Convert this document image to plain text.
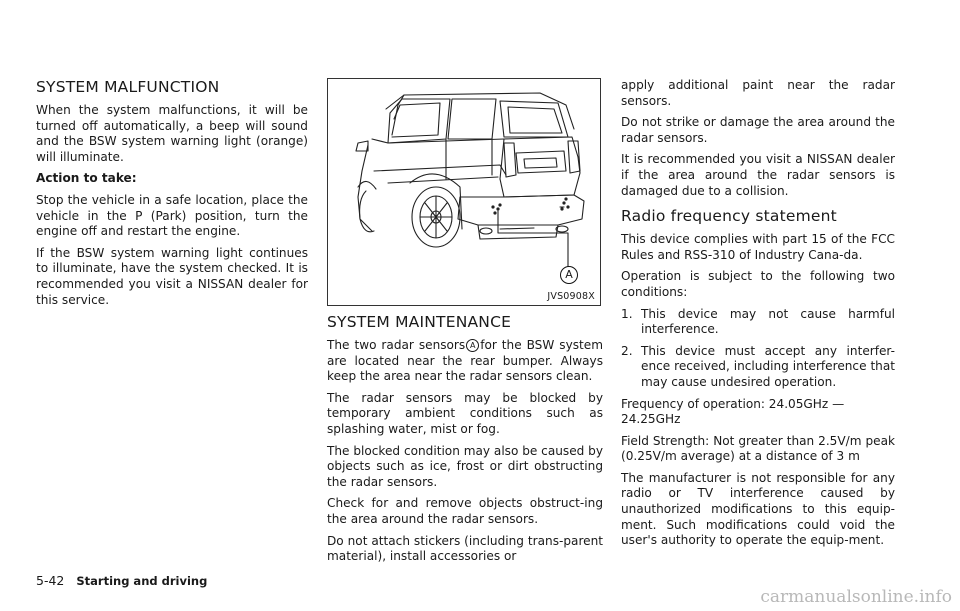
SYSTEM MALFUNCTION

When the system malfunctions, it will be turned off automatically, a beep will sound and the BSW system warning light (orange) will illuminate.

Action to take:

Stop the vehicle in a safe location, place the vehicle in the P (Park) position, turn the engine off and restart the engine.

If the BSW system warning light continues to illuminate, have the system checked. It is recommended you visit a NISSAN dealer for this service.

A
JVS0908X
SYSTEM MAINTENANCE

The two radar sensors A for the BSW system are located near the rear bumper. Always keep the area near the radar sensors clean.

The radar sensors may be blocked by temporary ambient conditions such as splashing water, mist or fog.

The blocked condition may also be caused by objects such as ice, frost or dirt obstructing the radar sensors.

Check for and remove objects obstruct-ing the area around the radar sensors.

Do not attach stickers (including trans-parent material), install accessories or

apply additional paint near the radar sensors.

Do not strike or damage the area around the radar sensors.

It is recommended you visit a NISSAN dealer if the area around the radar sensors is damaged due to a collision.

Radio frequency statement

This device complies with part 15 of the FCC Rules and RSS-310 of Industry Cana-da.

Operation is subject to the following two conditions:

1. This device may not cause harmful interference.
2. This device must accept any interfer-ence received, including interference that may cause undesired operation.

Frequency of operation: 24.05GHz — 24.25GHz

Field Strength: Not greater than 2.5V/m peak (0.25V/m average) at a distance of 3 m

The manufacturer is not responsible for any radio or TV interference caused by unauthorized modifications to this equip-ment. Such modifications could void the user's authority to operate the equip-ment.

5-42 Starting and driving
carmanualsonline.info
